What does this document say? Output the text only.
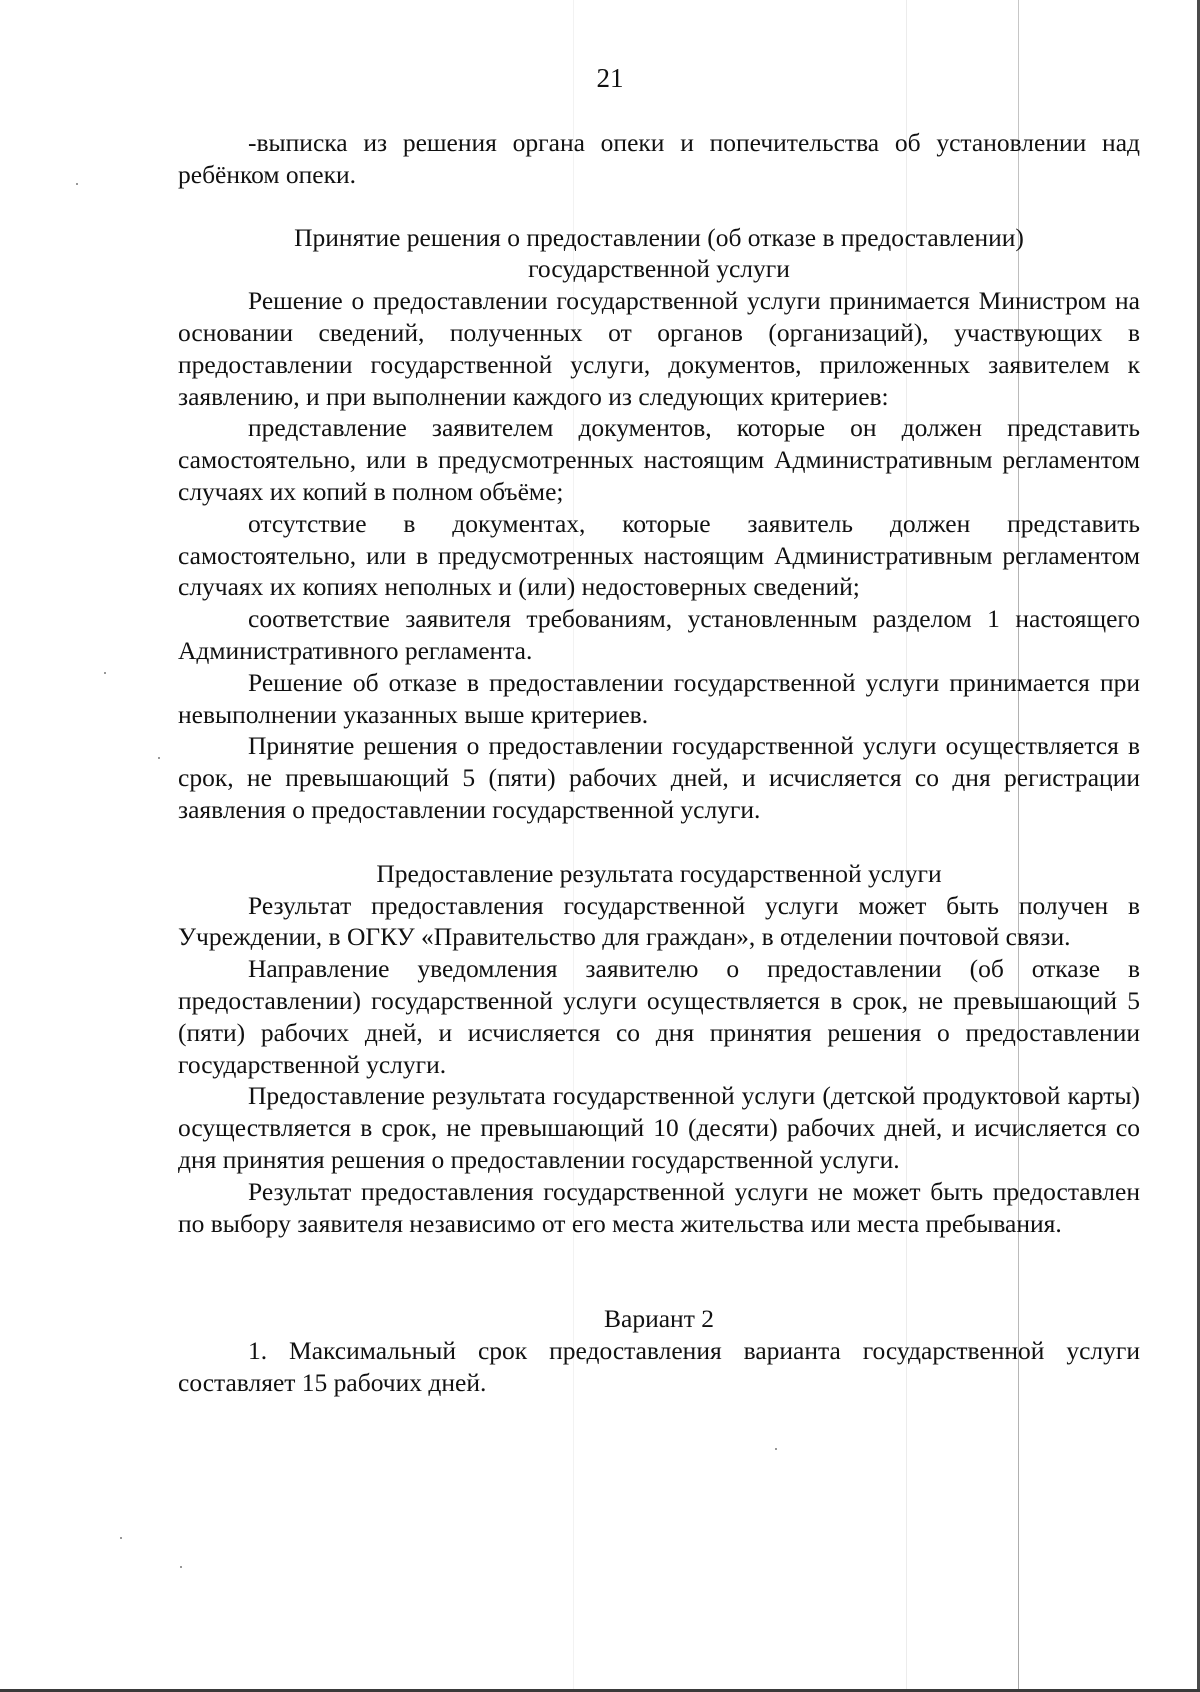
21

-выписка из решения органа опеки и попечительства об установлении над ребёнком опеки.

Принятие решения о предоставлении (об отказе в предоставлении)
государственной услуги

Решение о предоставлении государственной услуги принимается Министром на основании сведений, полученных от органов (организаций), участвующих в предоставлении государственной услуги, документов, приложенных заявителем к заявлению, и при выполнении каждого из следующих критериев:

представление заявителем документов, которые он должен представить самостоятельно, или в предусмотренных настоящим Административным регламентом случаях их копий в полном объёме;

отсутствие в документах, которые заявитель должен представить самостоятельно, или в предусмотренных настоящим Административным регламентом случаях их копиях неполных и (или) недостоверных сведений;

соответствие заявителя требованиям, установленным разделом 1 настоящего Административного регламента.

Решение об отказе в предоставлении государственной услуги принимается при невыполнении указанных выше критериев.

Принятие решения о предоставлении государственной услуги осуществляется в срок, не превышающий 5 (пяти) рабочих дней, и исчисляется со дня регистрации заявления о предоставлении государственной услуги.

Предоставление результата государственной услуги

Результат предоставления государственной услуги может быть получен в Учреждении, в ОГКУ «Правительство для граждан», в отделении почтовой связи.

Направление уведомления заявителю о предоставлении (об отказе в предоставлении) государственной услуги осуществляется в срок, не превышающий 5 (пяти) рабочих дней, и исчисляется со дня принятия решения о предоставлении государственной услуги.

Предоставление результата государственной услуги (детской продуктовой карты) осуществляется в срок, не превышающий 10 (десяти) рабочих дней, и исчисляется со дня принятия решения о предоставлении государственной услуги.

Результат предоставления государственной услуги не может быть предоставлен по выбору заявителя независимо от его места жительства или места пребывания.

Вариант 2

1. Максимальный срок предоставления варианта государственной услуги составляет 15 рабочих дней.
